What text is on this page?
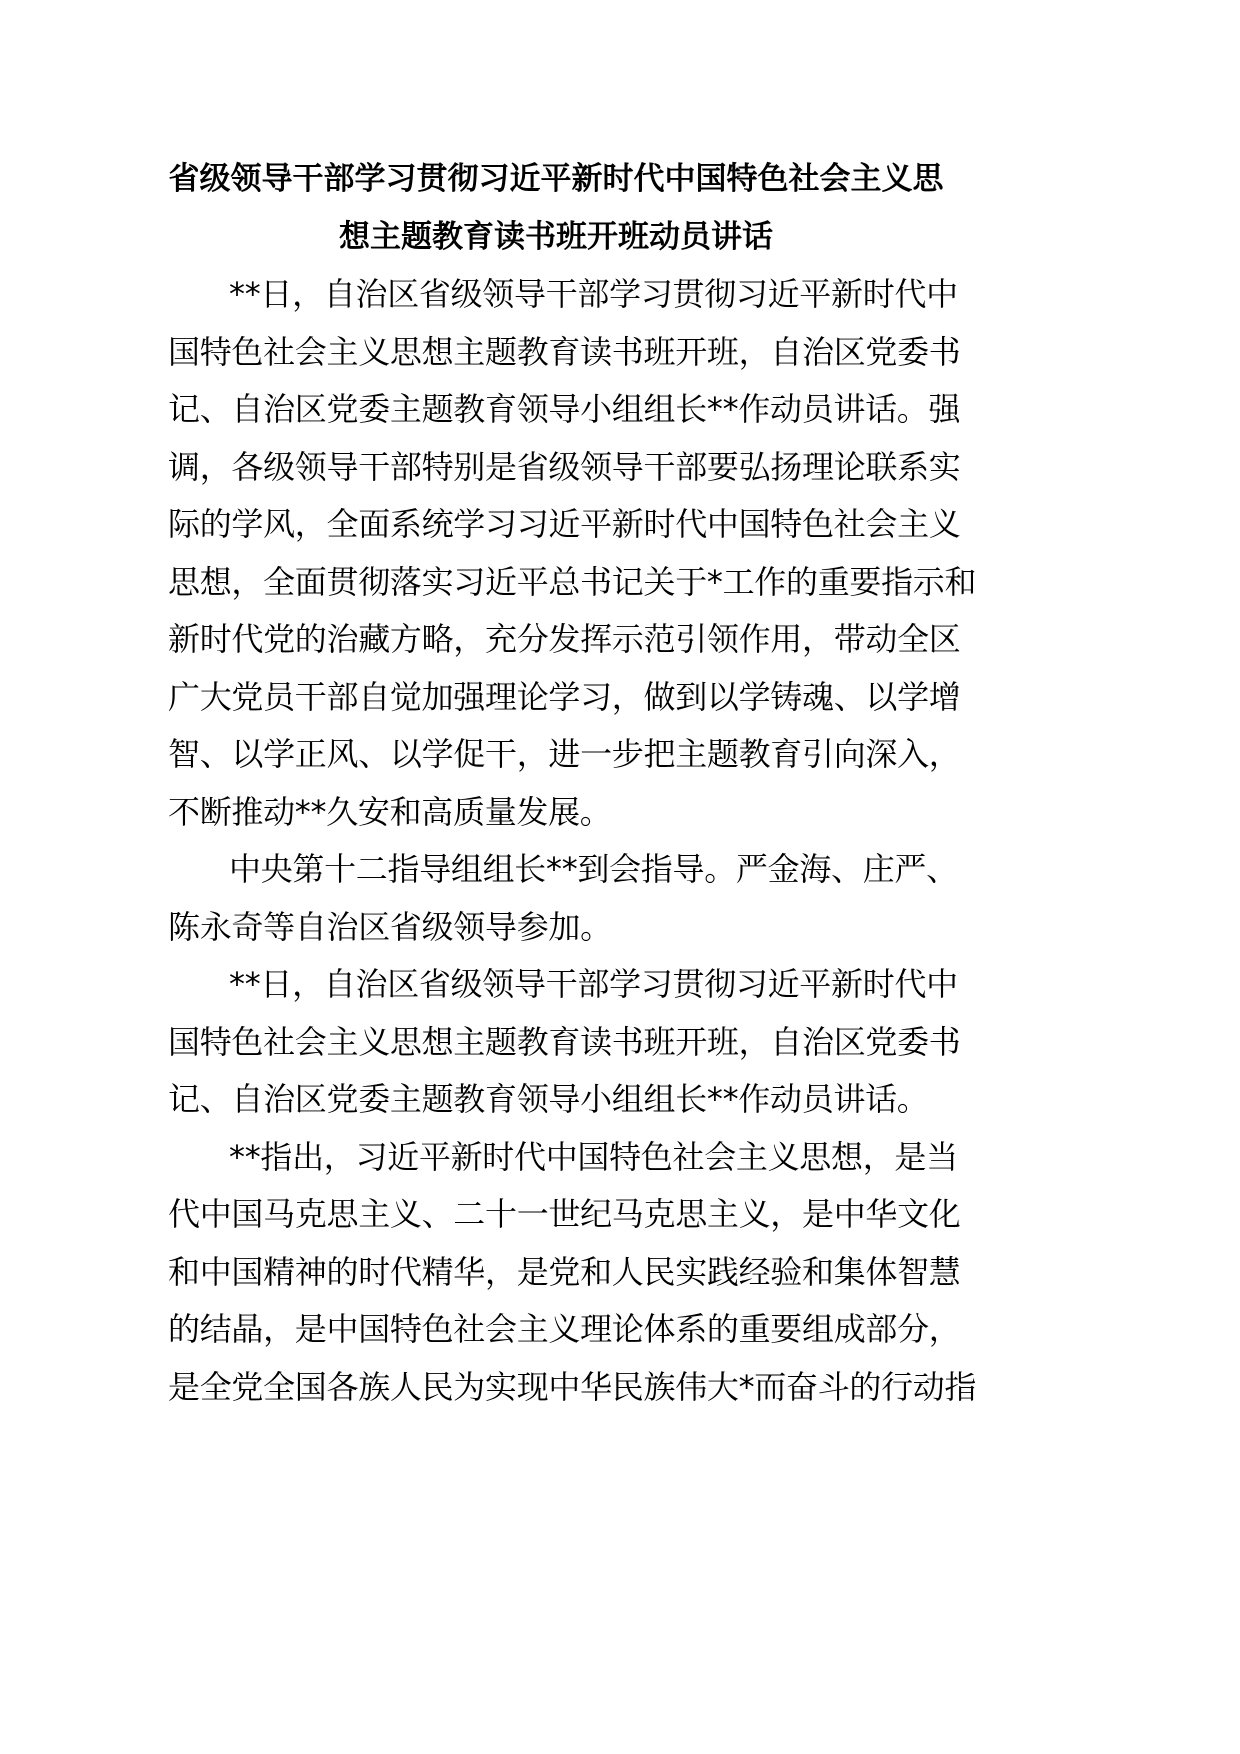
省级领导干部学习贯彻习近平新时代中国特色社会主义思
想主题教育读书班开班动员讲话

**日，自治区省级领导干部学习贯彻习近平新时代中
国特色社会主义思想主题教育读书班开班，自治区党委书
记、自治区党委主题教育领导小组组长**作动员讲话。强
调，各级领导干部特别是省级领导干部要弘扬理论联系实
际的学风，全面系统学习习近平新时代中国特色社会主义
思想，全面贯彻落实习近平总书记关于*工作的重要指示和
新时代党的治藏方略，充分发挥示范引领作用，带动全区
广大党员干部自觉加强理论学习，做到以学铸魂、以学增
智、以学正风、以学促干，进一步把主题教育引向深入，
不断推动**久安和高质量发展。

中央第十二指导组组长**到会指导。严金海、庄严、
陈永奇等自治区省级领导参加。

**日，自治区省级领导干部学习贯彻习近平新时代中
国特色社会主义思想主题教育读书班开班，自治区党委书
记、自治区党委主题教育领导小组组长**作动员讲话。

**指出，习近平新时代中国特色社会主义思想，是当
代中国马克思主义、二十一世纪马克思主义，是中华文化
和中国精神的时代精华，是党和人民实践经验和集体智慧
的结晶，是中国特色社会主义理论体系的重要组成部分，
是全党全国各族人民为实现中华民族伟大*而奋斗的行动指
